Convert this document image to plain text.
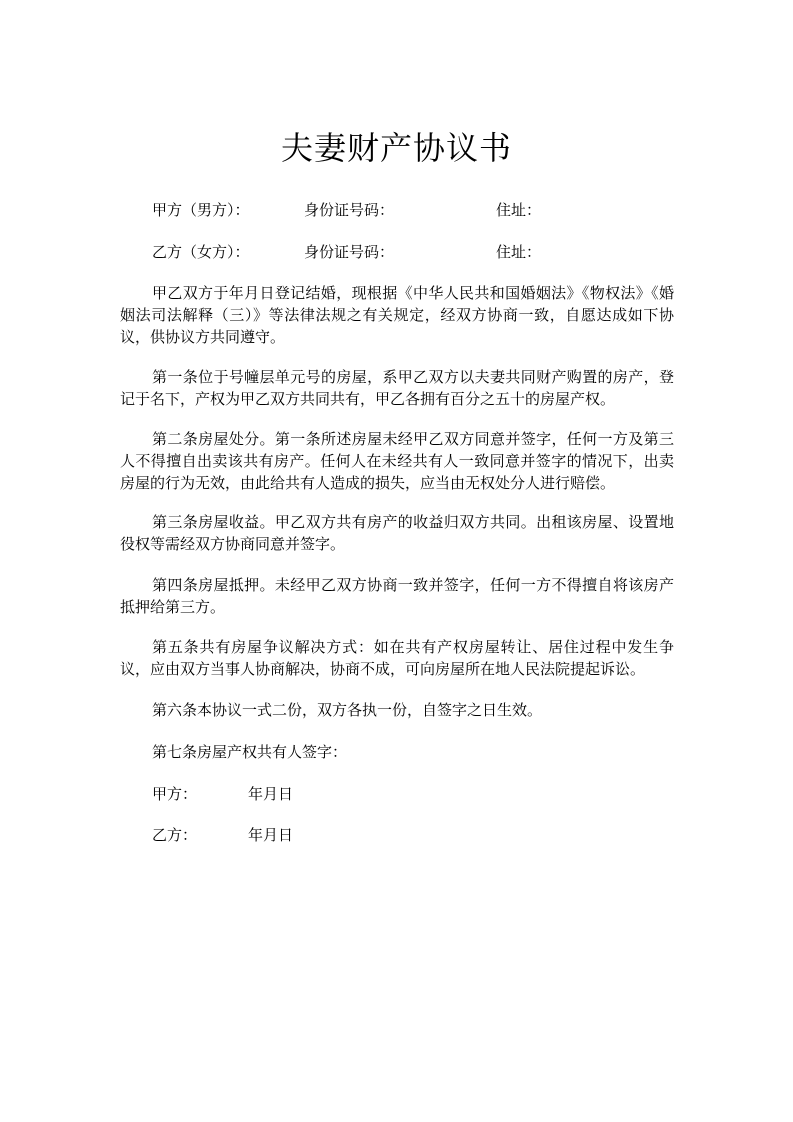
夫妻财产协议书
甲方（男方）：	身份证号码：	住址：
乙方（女方）：	身份证号码：	住址：

甲乙双方于年月日登记结婚，现根据《中华人民共和国婚姻法》《物权法》《婚姻法司法解释（三）》等法律法规之有关规定，经双方协商一致，自愿达成如下协议，供协议方共同遵守。

第一条位于号幢层单元号的房屋，系甲乙双方以夫妻共同财产购置的房产，登记于名下，产权为甲乙双方共同共有，甲乙各拥有百分之五十的房屋产权。

第二条房屋处分。第一条所述房屋未经甲乙双方同意并签字，任何一方及第三人不得擅自出卖该共有房产。任何人在未经共有人一致同意并签字的情况下，出卖房屋的行为无效，由此给共有人造成的损失，应当由无权处分人进行赔偿。

第三条房屋收益。甲乙双方共有房产的收益归双方共同。出租该房屋、设置地役权等需经双方协商同意并签字。

第四条房屋抵押。未经甲乙双方协商一致并签字，任何一方不得擅自将该房产抵押给第三方。

第五条共有房屋争议解决方式：如在共有产权房屋转让、居住过程中发生争议，应由双方当事人协商解决，协商不成，可向房屋所在地人民法院提起诉讼。

第六条本协议一式二份，双方各执一份，自签字之日生效。

第七条房屋产权共有人签字：

甲方：	年月日
乙方：	年月日
